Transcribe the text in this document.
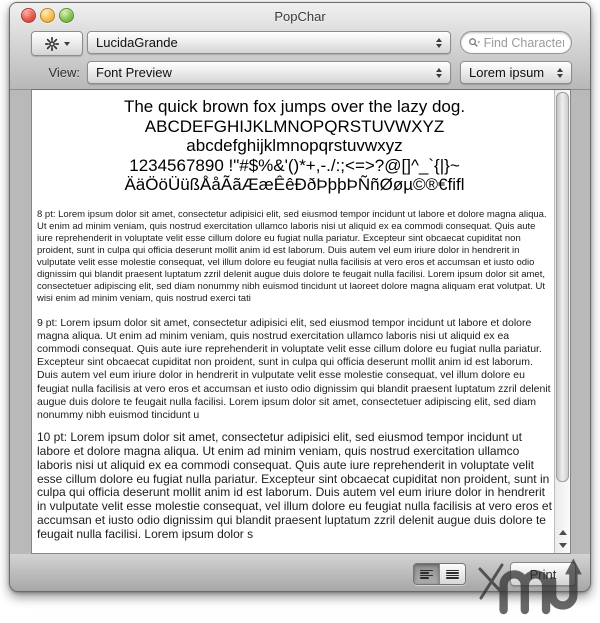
PopChar
LucidaGrande
Find Characters
View: Font Preview	Lorem ipsum
The quick brown fox jumps over the lazy dog.
ABCDEFGHIJKLMNOPQRSTUVWXYZ
abcdefghijklmnopqrstuvwxyz
1234567890 !"#$%&'()*+,-./:;<=>?@[]^_`{|}~
ÄäÖöÜüßÅåÃãÆæÊêÐðÞþþÞÑñØøµ©®€ﬁﬂ

8 pt: Lorem ipsum dolor sit amet, consectetur adipisici elit, sed eiusmod tempor incidunt ut labore et dolore magna aliqua. Ut enim ad minim veniam, quis nostrud exercitation ullamco laboris nisi ut aliquid ex ea commodi consequat. Quis aute iure reprehenderit in voluptate velit esse cillum dolore eu fugiat nulla pariatur. Excepteur sint obcaecat cupiditat non proident, sunt in culpa qui officia deserunt mollit anim id est laborum. Duis autem vel eum iriure dolor in hendrerit in vulputate velit esse molestie consequat, vel illum dolore eu feugiat nulla facilisis at vero eros et accumsan et iusto odio dignissim qui blandit praesent luptatum zzril delenit augue duis dolore te feugait nulla facilisi. Lorem ipsum dolor sit amet, consectetuer adipiscing elit, sed diam nonummy nibh euismod tincidunt ut laoreet dolore magna aliquam erat volutpat. Ut wisi enim ad minim veniam, quis nostrud exerci tati

9 pt: Lorem ipsum dolor sit amet, consectetur adipisici elit, sed eiusmod tempor incidunt ut labore et dolore magna aliqua. Ut enim ad minim veniam, quis nostrud exercitation ullamco laboris nisi ut aliquid ex ea commodi consequat. Quis aute iure reprehenderit in voluptate velit esse cillum dolore eu fugiat nulla pariatur. Excepteur sint obcaecat cupiditat non proident, sunt in culpa qui officia deserunt mollit anim id est laborum. Duis autem vel eum iriure dolor in hendrerit in vulputate velit esse molestie consequat, vel illum dolore eu feugiat nulla facilisis at vero eros et accumsan et iusto odio dignissim qui blandit praesent luptatum zzril delenit augue duis dolore te feugait nulla facilisi. Lorem ipsum dolor sit amet, consectetuer adipiscing elit, sed diam nonummy nibh euismod tincidunt u

10 pt: Lorem ipsum dolor sit amet, consectetur adipisici elit, sed eiusmod tempor incidunt ut labore et dolore magna aliqua. Ut enim ad minim veniam, quis nostrud exercitation ullamco laboris nisi ut aliquid ex ea commodi consequat. Quis aute iure reprehenderit in voluptate velit esse cillum dolore eu fugiat nulla pariatur. Excepteur sint obcaecat cupiditat non proident, sunt in culpa qui officia deserunt mollit anim id est laborum. Duis autem vel eum iriure dolor in hendrerit in vulputate velit esse molestie consequat, vel illum dolore eu feugiat nulla facilisis at vero eros et accumsan et iusto odio dignissim qui blandit praesent luptatum zzril delenit augue duis dolore te feugait nulla facilisi. Lorem ipsum dolor s

Print
